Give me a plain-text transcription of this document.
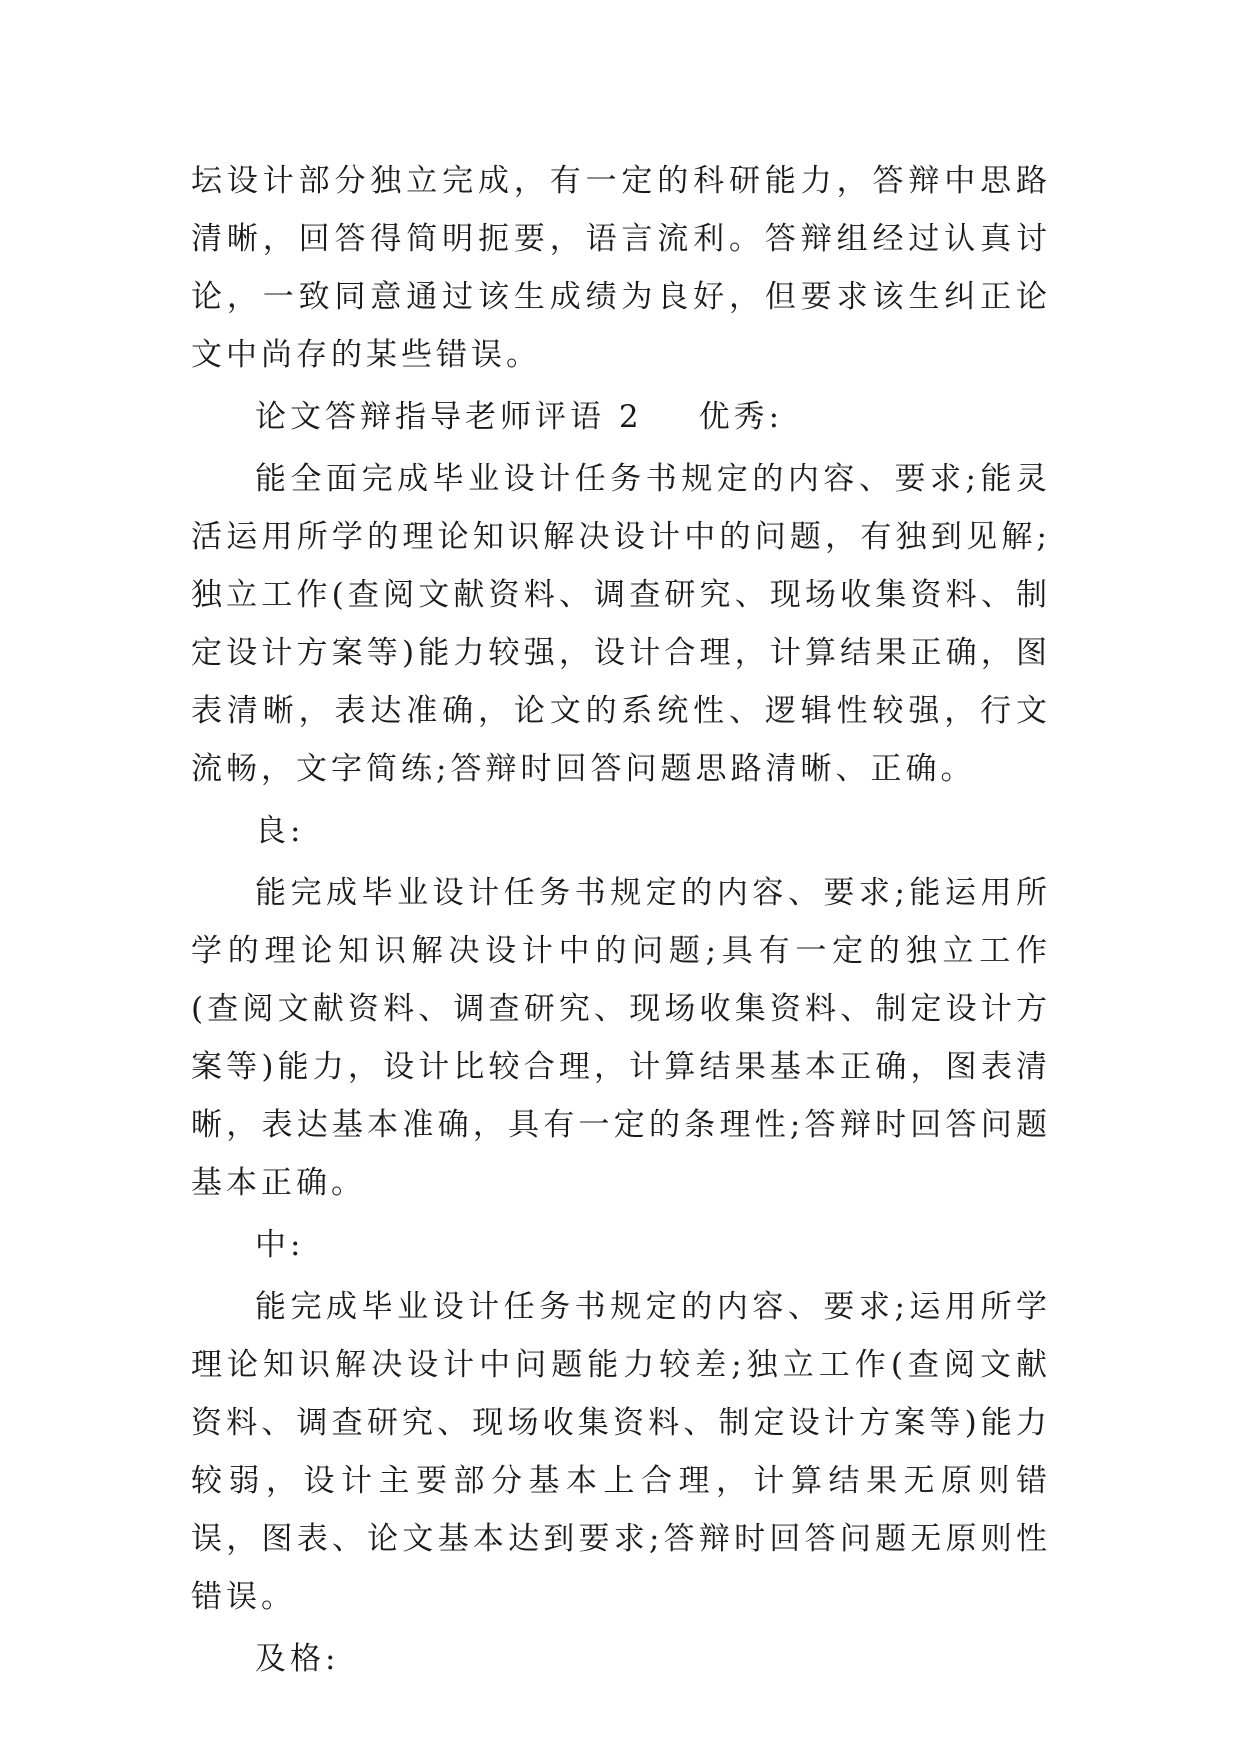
坛设计部分独立完成，有一定的科研能力，答辩中思路清晰，回答得简明扼要，语言流利。答辩组经过认真讨论，一致同意通过该生成绩为良好，但要求该生纠正论文中尚存的某些错误。

论文答辩指导老师评语 2 优秀:

能全面完成毕业设计任务书规定的内容、要求;能灵活运用所学的理论知识解决设计中的问题，有独到见解;独立工作(查阅文献资料、调查研究、现场收集资料、制定设计方案等)能力较强，设计合理，计算结果正确，图表清晰，表达准确，论文的系统性、逻辑性较强，行文流畅，文字简练;答辩时回答问题思路清晰、正确。

良:

能完成毕业设计任务书规定的内容、要求;能运用所学的理论知识解决设计中的问题;具有一定的独立工作(查阅文献资料、调查研究、现场收集资料、制定设计方案等)能力，设计比较合理，计算结果基本正确，图表清晰，表达基本准确，具有一定的条理性;答辩时回答问题基本正确。

中:

能完成毕业设计任务书规定的内容、要求;运用所学理论知识解决设计中问题能力较差;独立工作(查阅文献资料、调查研究、现场收集资料、制定设计方案等)能力较弱，设计主要部分基本上合理，计算结果无原则错误，图表、论文基本达到要求;答辩时回答问题无原则性错误。

及格:
